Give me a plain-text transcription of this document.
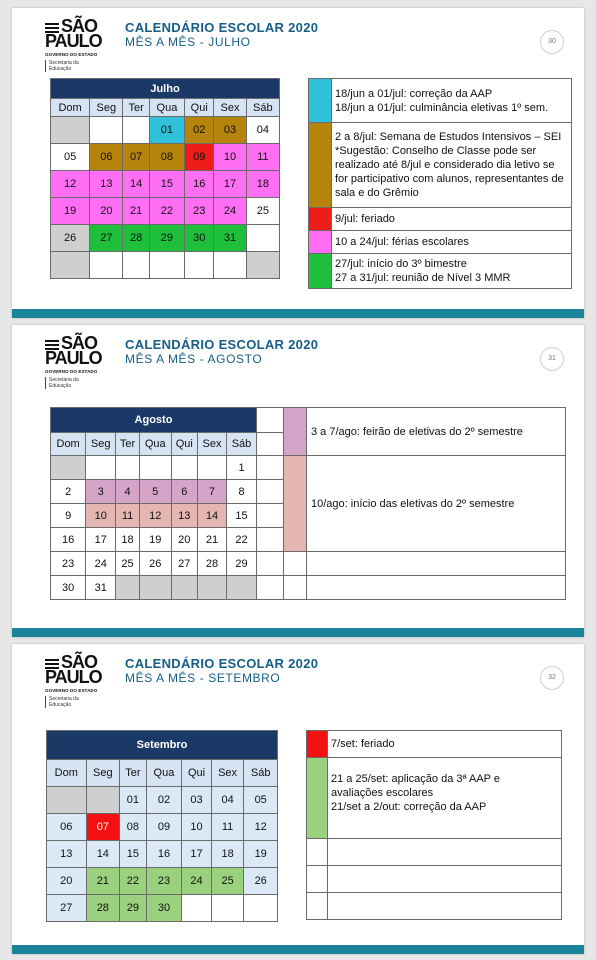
SÃO
PAULO
GOVERNO DO ESTADO
Secretaria da
Educação
CALENDÁRIO ESCOLAR 2020
MÊS A MÊS - JULHO	30
Julho						
Dom	Seg	Ter	Qua	Qui	Sex	Sáb
			01	02	03	04
05	06	07	08	09	10	11
12	13	14	15	16	17	18
19	20	21	22	23	24	25
26	27	28	29	30	31	

	18/jun a 01/jul: correção da AAP
18/jun a 01/jul: culminância eletivas 1º sem.

	2 a 8/jul: Semana de Estudos Intensivos – SEI
*Sugestão: Conselho de Classe pode ser
realizado até 8/jul e considerado dia letivo se
for participativo com alunos, representantes de
sala e do Grêmio

	9/jul: feriado

	10 a 24/jul: férias escolares

	27/jul: início do 3º bimestre
27 a 31/jul: reunião de Nível 3 MMR
SÃO
PAULO
GOVERNO DO ESTADO
Secretaria da
Educação
CALENDÁRIO ESCOLAR 2020
MÊS A MÊS - AGOSTO	31
Agosto									3 a 7/ago: feirão de eletivas do 2º semestre
Dom	Seg	Ter	Qua	Qui	Sex	Sáb			
						1			10/ago: início das eletivas do 2º semestre
2	3	4	5	6	7	8			
9	10	11	12	13	14	15			
16	17	18	19	20	21	22			
23	24	25	26	27	28	29			
30	31								
SÃO
PAULO
GOVERNO DO ESTADO
Secretaria da
Educação
CALENDÁRIO ESCOLAR 2020
MÊS A MÊS - SETEMBRO	32
Setembro						
Dom	Seg	Ter	Qua	Qui	Sex	Sáb
		01	02	03	04	05
06	07	08	09	10	11	12
13	14	15	16	17	18	19
20	21	22	23	24	25	26
27	28	29	30			

	7/set: feriado

	21 a 25/set: aplicação da 3ª AAP e
avaliações escolares
21/set a 2/out: correção da AAP
